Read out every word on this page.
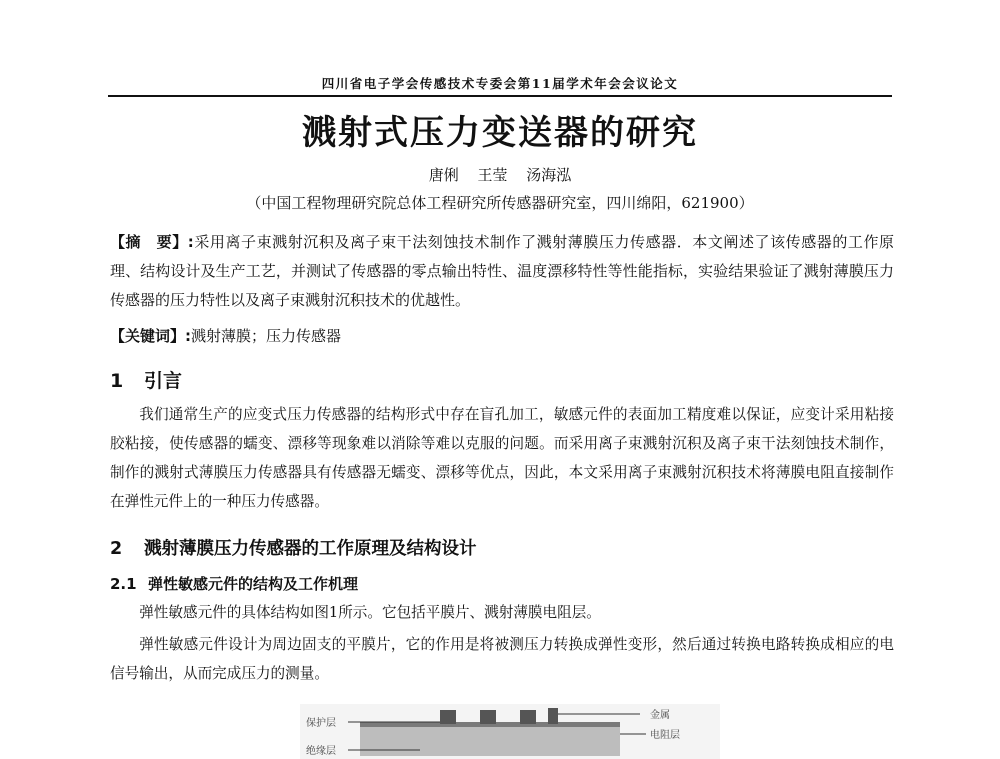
四川省电子学会传感技术专委会第11届学术年会会议论文
溅射式压力变送器的研究
唐俐 王莹 汤海泓
（中国工程物理研究院总体工程研究所传感器研究室，四川绵阳，621900）
【摘　要】:采用离子束溅射沉积及离子束干法刻蚀技术制作了溅射薄膜压力传感器．本文阐述了该传感器的工作原理、结构设计及生产工艺，并测试了传感器的零点输出特性、温度漂移特性等性能指标，实验结果验证了溅射薄膜压力传感器的压力特性以及离子束溅射沉积技术的优越性。
【关键词】:溅射薄膜；压力传感器
1 引言
我们通常生产的应变式压力传感器的结构形式中存在盲孔加工，敏感元件的表面加工精度难以保证，应变计采用粘接胶粘接，使传感器的蠕变、漂移等现象难以消除等难以克服的问题。而采用离子束溅射沉积及离子束干法刻蚀技术制作，制作的溅射式薄膜压力传感器具有传感器无蠕变、漂移等优点，因此，本文采用离子束溅射沉积技术将薄膜电阻直接制作在弹性元件上的一种压力传感器。
2 溅射薄膜压力传感器的工作原理及结构设计
2.1 弹性敏感元件的结构及工作机理
弹性敏感元件的具体结构如图1所示。它包括平膜片、溅射薄膜电阻层。
弹性敏感元件设计为周边固支的平膜片，它的作用是将被测压力转换成弹性变形，然后通过转换电路转换成相应的电信号输出，从而完成压力的测量。
保护层
绝缘层
金属
电阻层
